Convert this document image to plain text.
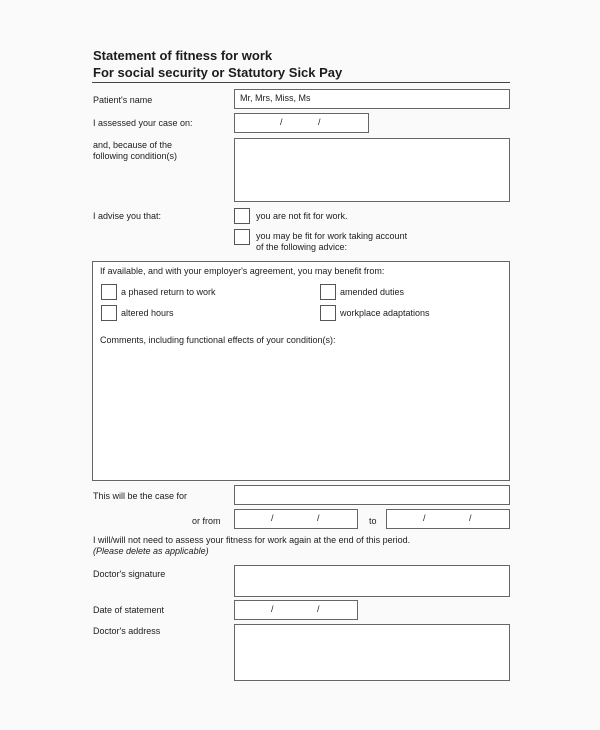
Statement of fitness for work
For social security or Statutory Sick Pay
Patient's name	Mr, Mrs, Miss, Ms
I assessed your case on:	/	/
and, because of the
following condition(s)
I advise you that:	you are not fit for work.
you may be fit for work taking account
of the following advice:
If available, and with your employer's agreement, you may benefit from:
a phased return to work	amended duties
altered hours	workplace adaptations
Comments, including functional effects of your condition(s):
This will be the case for
or from	/	/	to	/	/
I will/will not need to assess your fitness for work again at the end of this period.
(Please delete as applicable)
Doctor's signature
Date of statement	/	/
Doctor's address
